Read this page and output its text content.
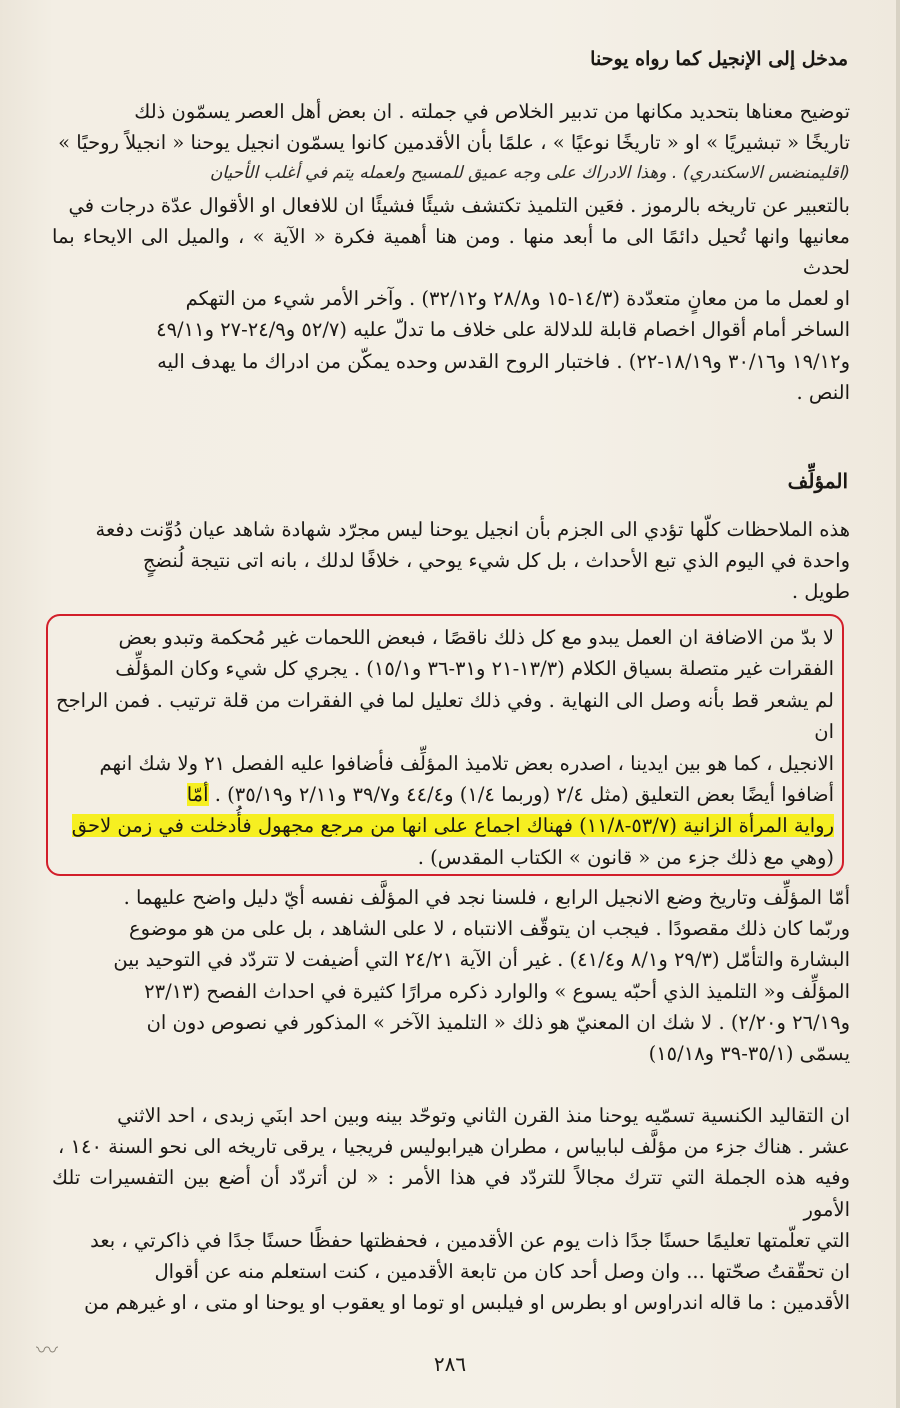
مدخل إلى الإنجيل كما رواه يوحنا

توضيح معناها بتحديد مكانها من تدبير الخلاص في جملته . ان بعض أهل العصر يسمّون ذلك

تاريخًا « تبشيريًا » او « تاريخًا نوعيًا » ، علمًا بأن الأقدمين كانوا يسمّون انجيل يوحنا « انجيلاً روحيًا »

(اقليمنضس الاسكندري) . وهذا الادراك على وجه عميق للمسيح ولعمله يتم في أغلب الأحيان

بالتعبير عن تاريخه بالرموز . فعَين التلميذ تكتشف شيئًا فشيئًا ان للافعال او الأقوال عدّة درجات في

معانيها وانها تُحيل دائمًا الى ما أبعد منها . ومن هنا أهمية فكرة « الآية » ، والميل الى الايحاء بما لحدث

او لعمل ما من معانٍ متعدّدة (١٤/٣-١٥ و٢٨/٨ و٣٢/١٢) . وآخر الأمر شيء من التهكم

الساخر أمام أقوال اخصام قابلة للدلالة على خلاف ما تدلّ عليه (٥٢/٧ و٢٤/٩-٢٧ و٤٩/١١

و١٩/١٢ و٣٠/١٦ و١٨/١٩-٢٢) . فاختبار الروح القدس وحده يمكّن من ادراك ما يهدف اليه

النص .

المؤلِّف

هذه الملاحظات كلّها تؤدي الى الجزم بأن انجيل يوحنا ليس مجرّد شهادة شاهد عيان دُوِّنت دفعة

واحدة في اليوم الذي تبع الأحداث ، بل كل شيء يوحي ، خلافًا لدلك ، بانه اتى نتيجة لُنضجٍ

طويل .

لا بدّ من الاضافة ان العمل يبدو مع كل ذلك ناقصًا ، فبعض اللحمات غير مُحكمة وتبدو بعض

الفقرات غير متصلة بسياق الكلام (١٣/٣-٢١ و٣١-٣٦ و١٥/١) . يجري كل شيء وكان المؤلِّف

لم يشعر قط بأنه وصل الى النهاية . وفي ذلك تعليل لما في الفقرات من قلة ترتيب . فمن الراجح ان

الانجيل ، كما هو بين ايدينا ، اصدره بعض تلاميذ المؤلِّف فأضافوا عليه الفصل ٢١ ولا شك انهم

أضافوا أيضًا بعض التعليق (مثل ٢/٤ (وربما ١/٤) و٤٤/٤ و٣٩/٧ و٢/١١ و٣٥/١٩) . أمّا

رواية المرأة الزانية (٥٣/٧-١١/٨) فهناك اجماع على انها من مرجع مجهول فأُدخلت في زمن لاحق

(وهي مع ذلك جزء من « قانون » الكتاب المقدس) .

أمّا المؤلِّف وتاريخ وضع الانجيل الرابع ، فلسنا نجد في المؤلَّف نفسه أيّ دليل واضح عليهما .

وربّما كان ذلك مقصودًا . فيجب ان يتوقّف الانتباه ، لا على الشاهد ، بل على من هو موضوع

البشارة والتأمّل (٢٩/٣ و٨/١ و٤١/٤) . غير أن الآية ٢٤/٢١ التي أضيفت لا تتردّد في التوحيد بين

المؤلِّف و« التلميذ الذي أحبّه يسوع » والوارد ذكره مرارًا كثيرة في احداث الفصح (٢٣/١٣

و٢٦/١٩ و٢/٢٠) . لا شك ان المعنيّ هو ذلك « التلميذ الآخر » المذكور في نصوص دون ان

يسمّى (٣٥/١-٣٩ و١٥/١٨)

ان التقاليد الكنسية تسمّيه يوحنا منذ القرن الثاني وتوحّد بينه وبين احد ابنَي زبدى ، احد الاثني

عشر . هناك جزء من مؤلَّف لبابياس ، مطران هيرابوليس فريجيا ، يرقى تاريخه الى نحو السنة ١٤٠ ،

وفيه هذه الجملة التي تترك مجالاً للتردّد في هذا الأمر : « لن أتردّد أن أضع بين التفسيرات تلك الأمور

التي تعلّمتها تعليمًا حسنًا جدًا ذات يوم عن الأقدمين ، فحفظتها حفظًا حسنًا جدًا في ذاكرتي ، بعد

ان تحقّقتُ صحّتها ... وان وصل أحد كان من تابعة الأقدمين ، كنت استعلم منه عن أقوال

الأقدمين : ما قاله اندراوس او بطرس او فيلبس او توما او يعقوب او يوحنا او متى ، او غيرهم من

〰	٢٨٦
